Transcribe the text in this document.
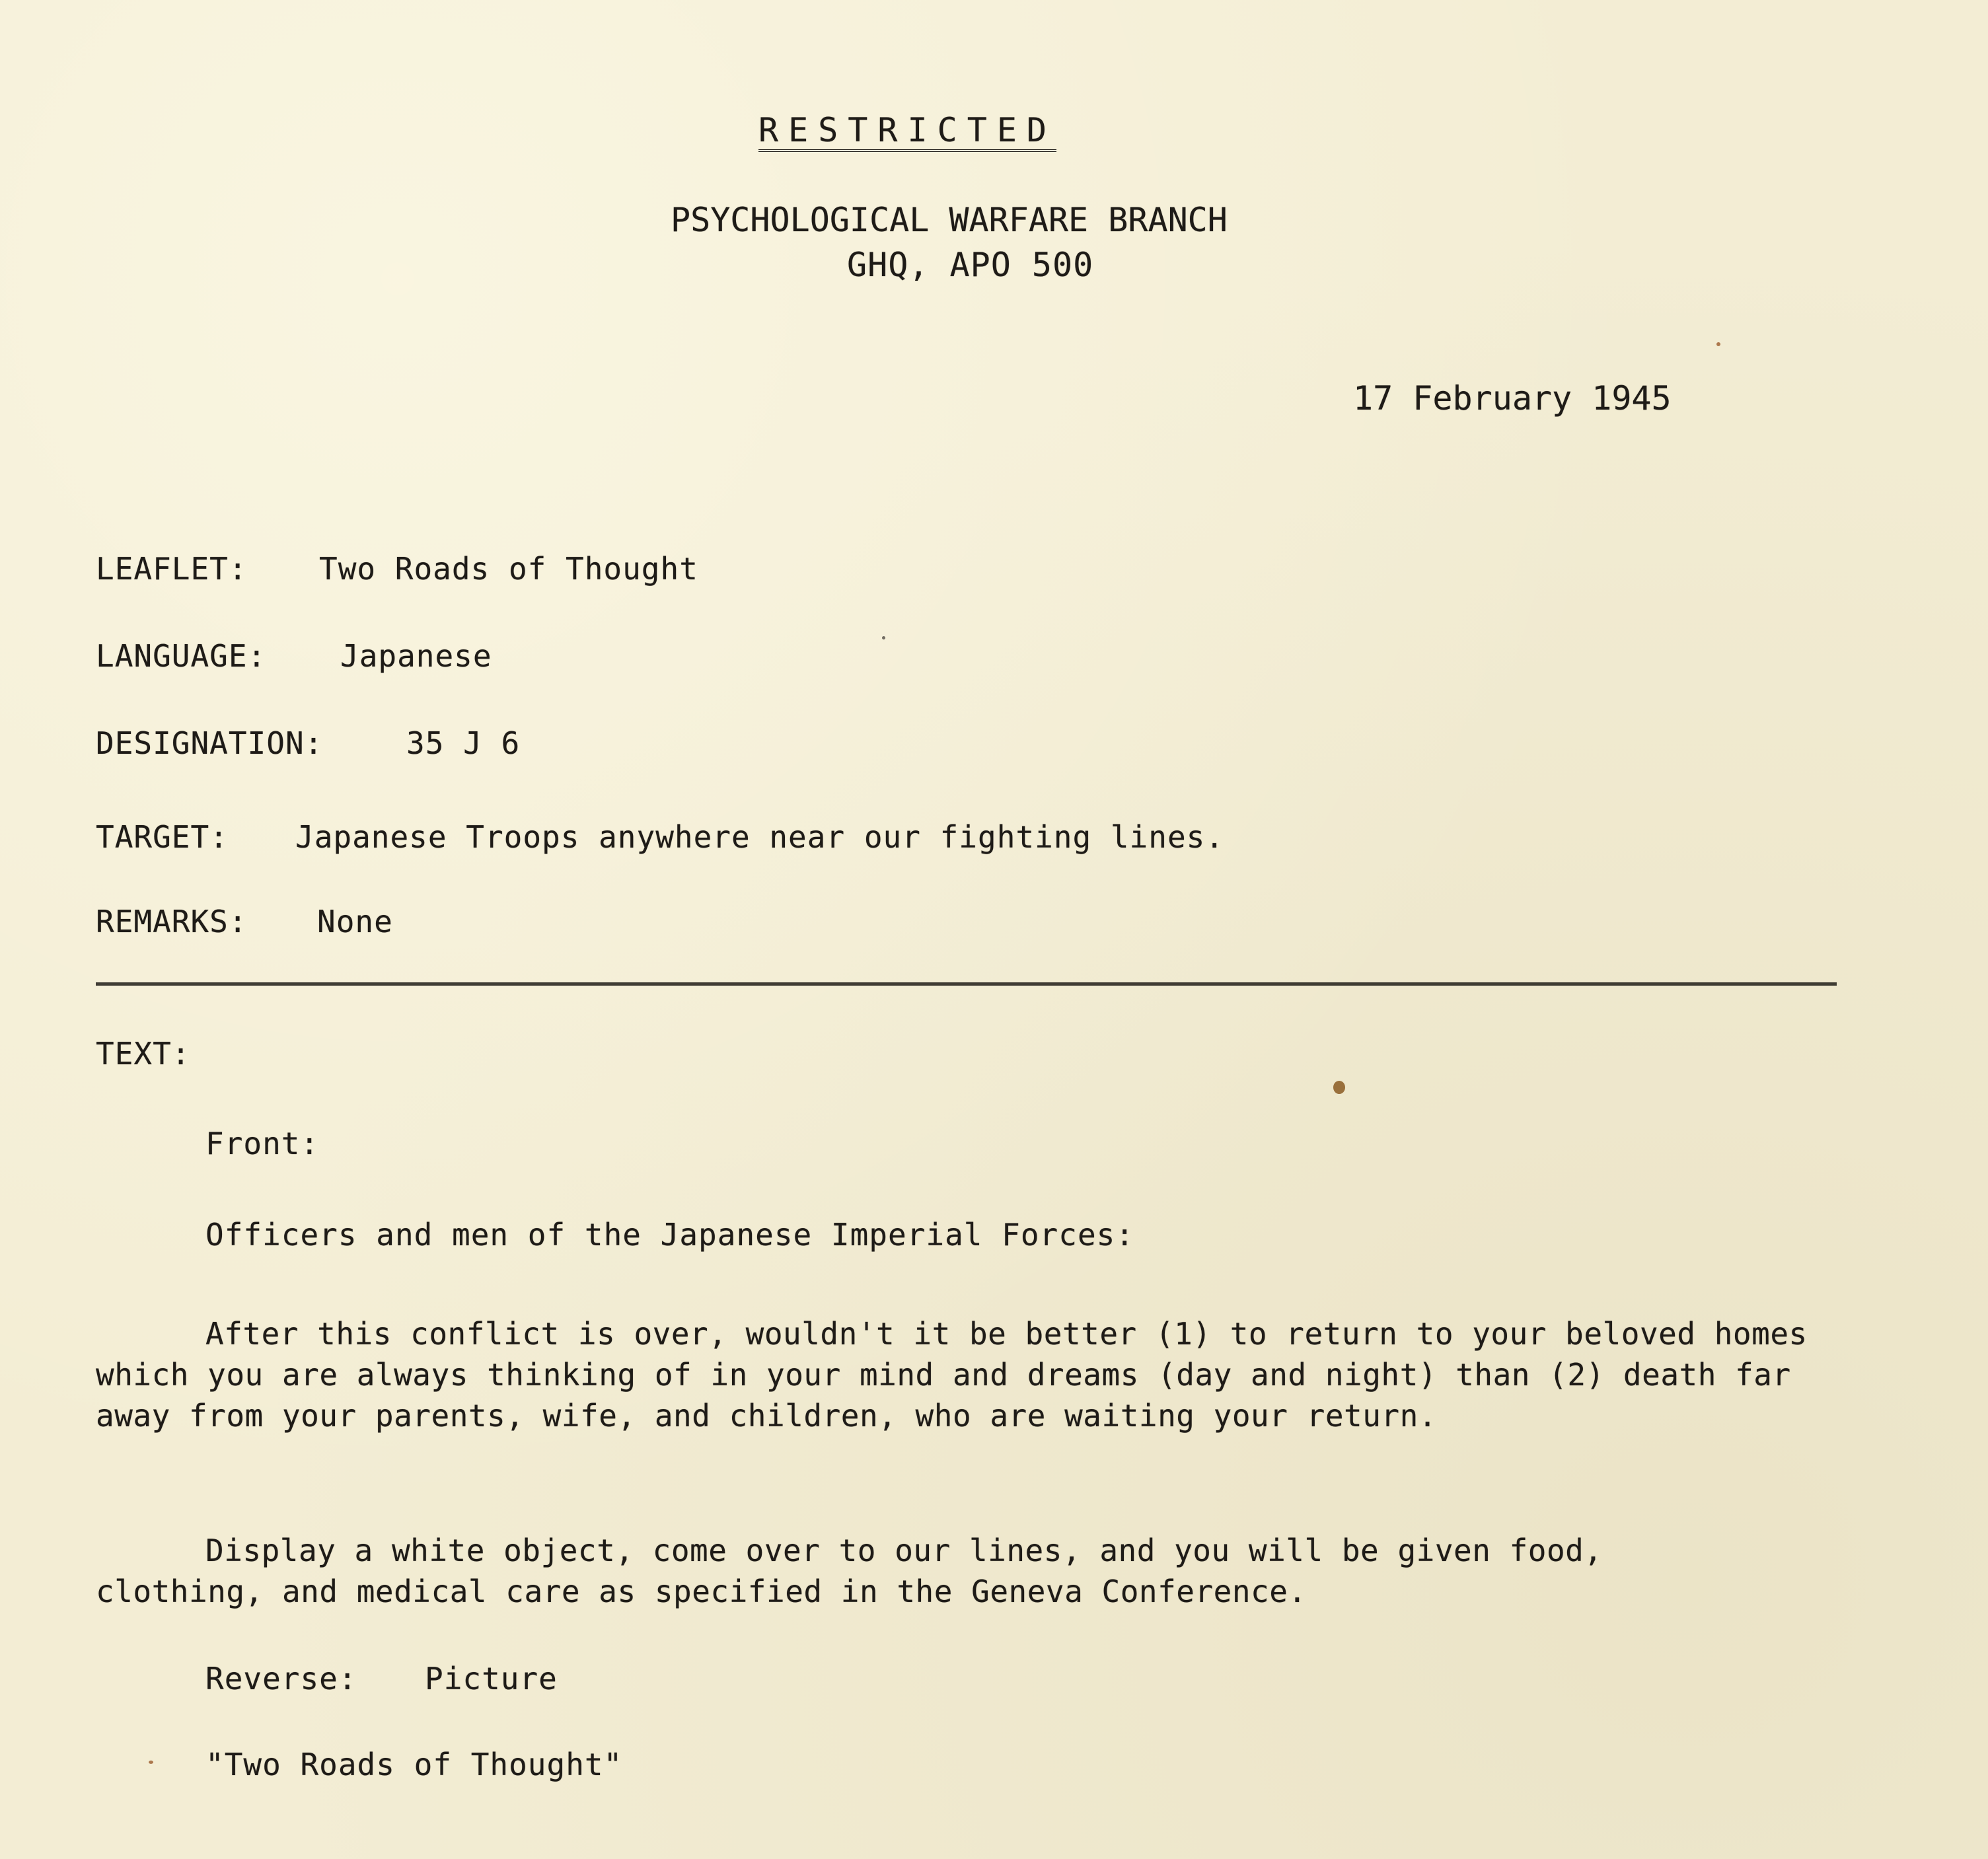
RESTRICTED
PSYCHOLOGICAL WARFARE BRANCH
GHQ, APO 500
17 February 1945
LEAFLET: Two Roads of Thought
LANGUAGE: Japanese
DESIGNATION:	35 J 6
TARGET: Japanese Troops anywhere near our fighting lines.
REMARKS: None
TEXT:
Front:
Officers and men of the Japanese Imperial Forces:
After this conflict is over, wouldn't it be better (1) to return to your beloved homes which you are always thinking of in your mind and dreams (day and night) than (2) death far away from your parents, wife, and children, who are waiting your return.
Display a white object, come over to our lines, and you will be given food, clothing, and medical care as specified in the Geneva Conference.
Reverse: Picture
"Two Roads of Thought"
